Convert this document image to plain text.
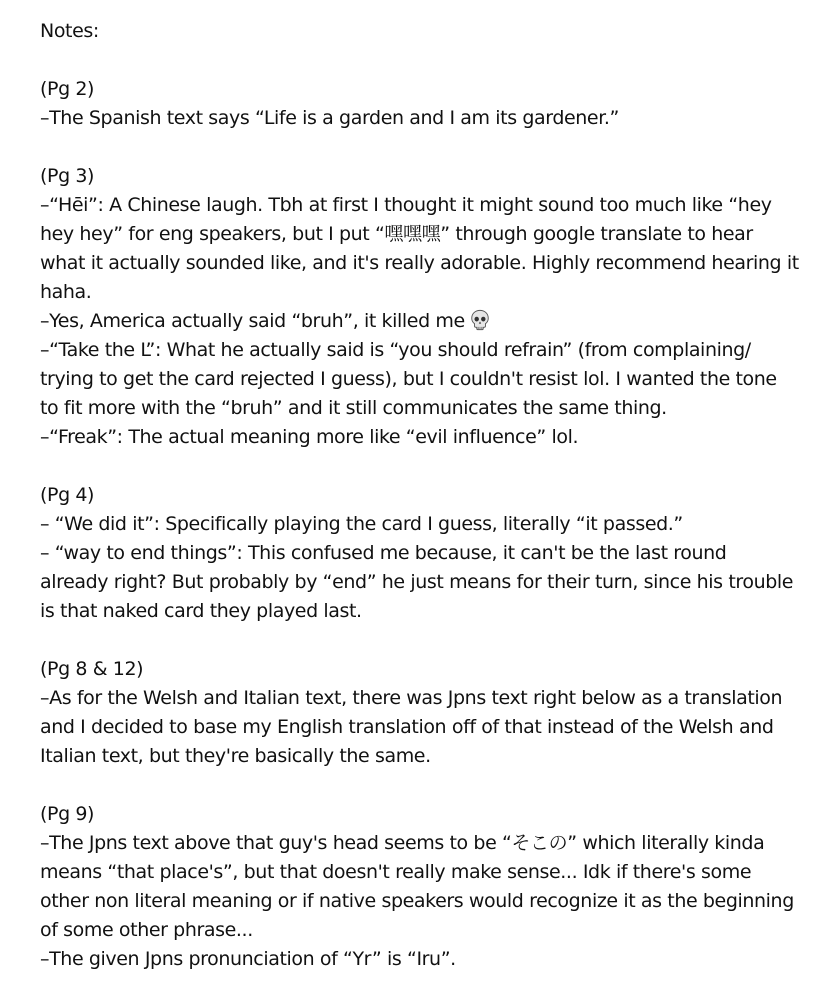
Notes:
(Pg 2)
–The Spanish text says “Life is a garden and I am its gardener.”
(Pg 3)
–“Hēi”: A Chinese laugh. Tbh at first I thought it might sound too much like “hey hey hey” for eng speakers, but I put “嘿嘿嘿” through google translate to hear what it actually sounded like, and it's really adorable. Highly recommend hearing it haha.
–Yes, America actually said “bruh”, it killed me
–“Take the L”: What he actually said is “you should refrain” (from complaining/ trying to get the card rejected I guess), but I couldn't resist lol. I wanted the tone to fit more with the “bruh” and it still communicates the same thing.
–“Freak”: The actual meaning more like “evil influence” lol.
(Pg 4)
– “We did it”: Specifically playing the card I guess, literally “it passed.”
– “way to end things”: This confused me because, it can't be the last round already right? But probably by “end” he just means for their turn, since his trouble is that naked card they played last.
(Pg 8 & 12)
–As for the Welsh and Italian text, there was Jpns text right below as a translation and I decided to base my English translation off of that instead of the Welsh and Italian text, but they're basically the same.
(Pg 9)
–The Jpns text above that guy's head seems to be “そこの” which literally kinda means “that place's”, but that doesn't really make sense... Idk if there's some other non literal meaning or if native speakers would recognize it as the beginning of some other phrase...
–The given Jpns pronunciation of “Yr” is “Iru”.
